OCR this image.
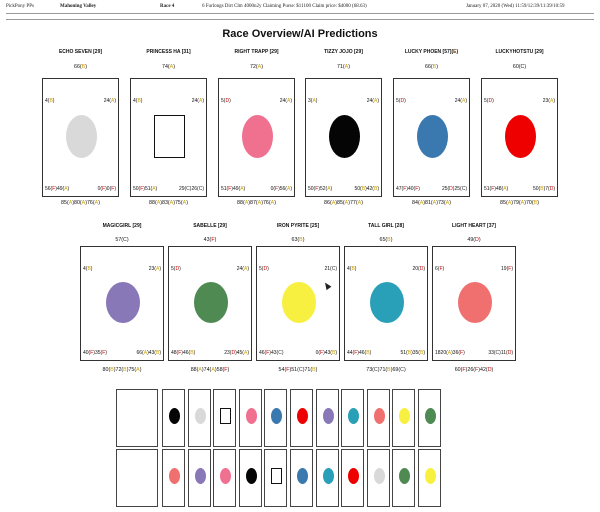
PickPony PPs	Mahoning Valley	Race 4	6 Furlongs Dirt Clm 4000n2y Claiming Purse: $11100 Claim price: $4000 (68.63)	January 07, 2020 (Wed) 11:59/12:39/11:39/10:59
Race Overview/AI Predictions
ECHO SEVEN [29]
66(B)
4(B)	24(A)
56(F)49(A)	0(F)0(F)
85(A)80(A)76(A)
PRINCESS HA [31]
74(A)
4(B)	24(A)
50(F)51(A)	29(C)26(C)
88(A)83(A)75(A)
RIGHT TRAPP [29]
72(A)
5(D)	24(A)
51(F)49(A)	0(F)56(A)
88(A)87(A)76(A)
TIZZY JOJO [29]
71(A)
3(A)	24(A)
50(F)52(A)	50(B)42(B)
86(A)85(A)77(A)
LUCKY PHOEN [57](E)
66(B)
5(D)	24(A)
47(F)40(F)	25(D)25(C)
84(A)81(A)73(A)
LUCKYHOTSTU [29]
60(C)
5(D)	23(A)
51(F)48(A)	50(B)7(D)
85(A)79(A)70(B)
MAGICGIRL [29]
57(C)
4(B)	23(A)
40(F)35(F)	66(A)43(B)
80(B)72(B)75(A)
SABELLE [29]
43(F)
5(D)	24(A)
48(F)46(B)	23(D)45(A)
88(A)74(A)58(F)
IRON PYRITE [25]
63(B)
5(D)	21(C)
46(F)43(C)	0(F)43(B)
54(F)51(C)71(B)
TALL GIRL [28]
65(B)
4(B)	20(D)
44(F)46(B)	51(B)35(B)
73(C)71(B)69(C)
LIGHT HEART [37]
49(D)
6(F)	19(F)
1820(A)36(F)	33(C)11(D)
60(F)26(F)42(D)
